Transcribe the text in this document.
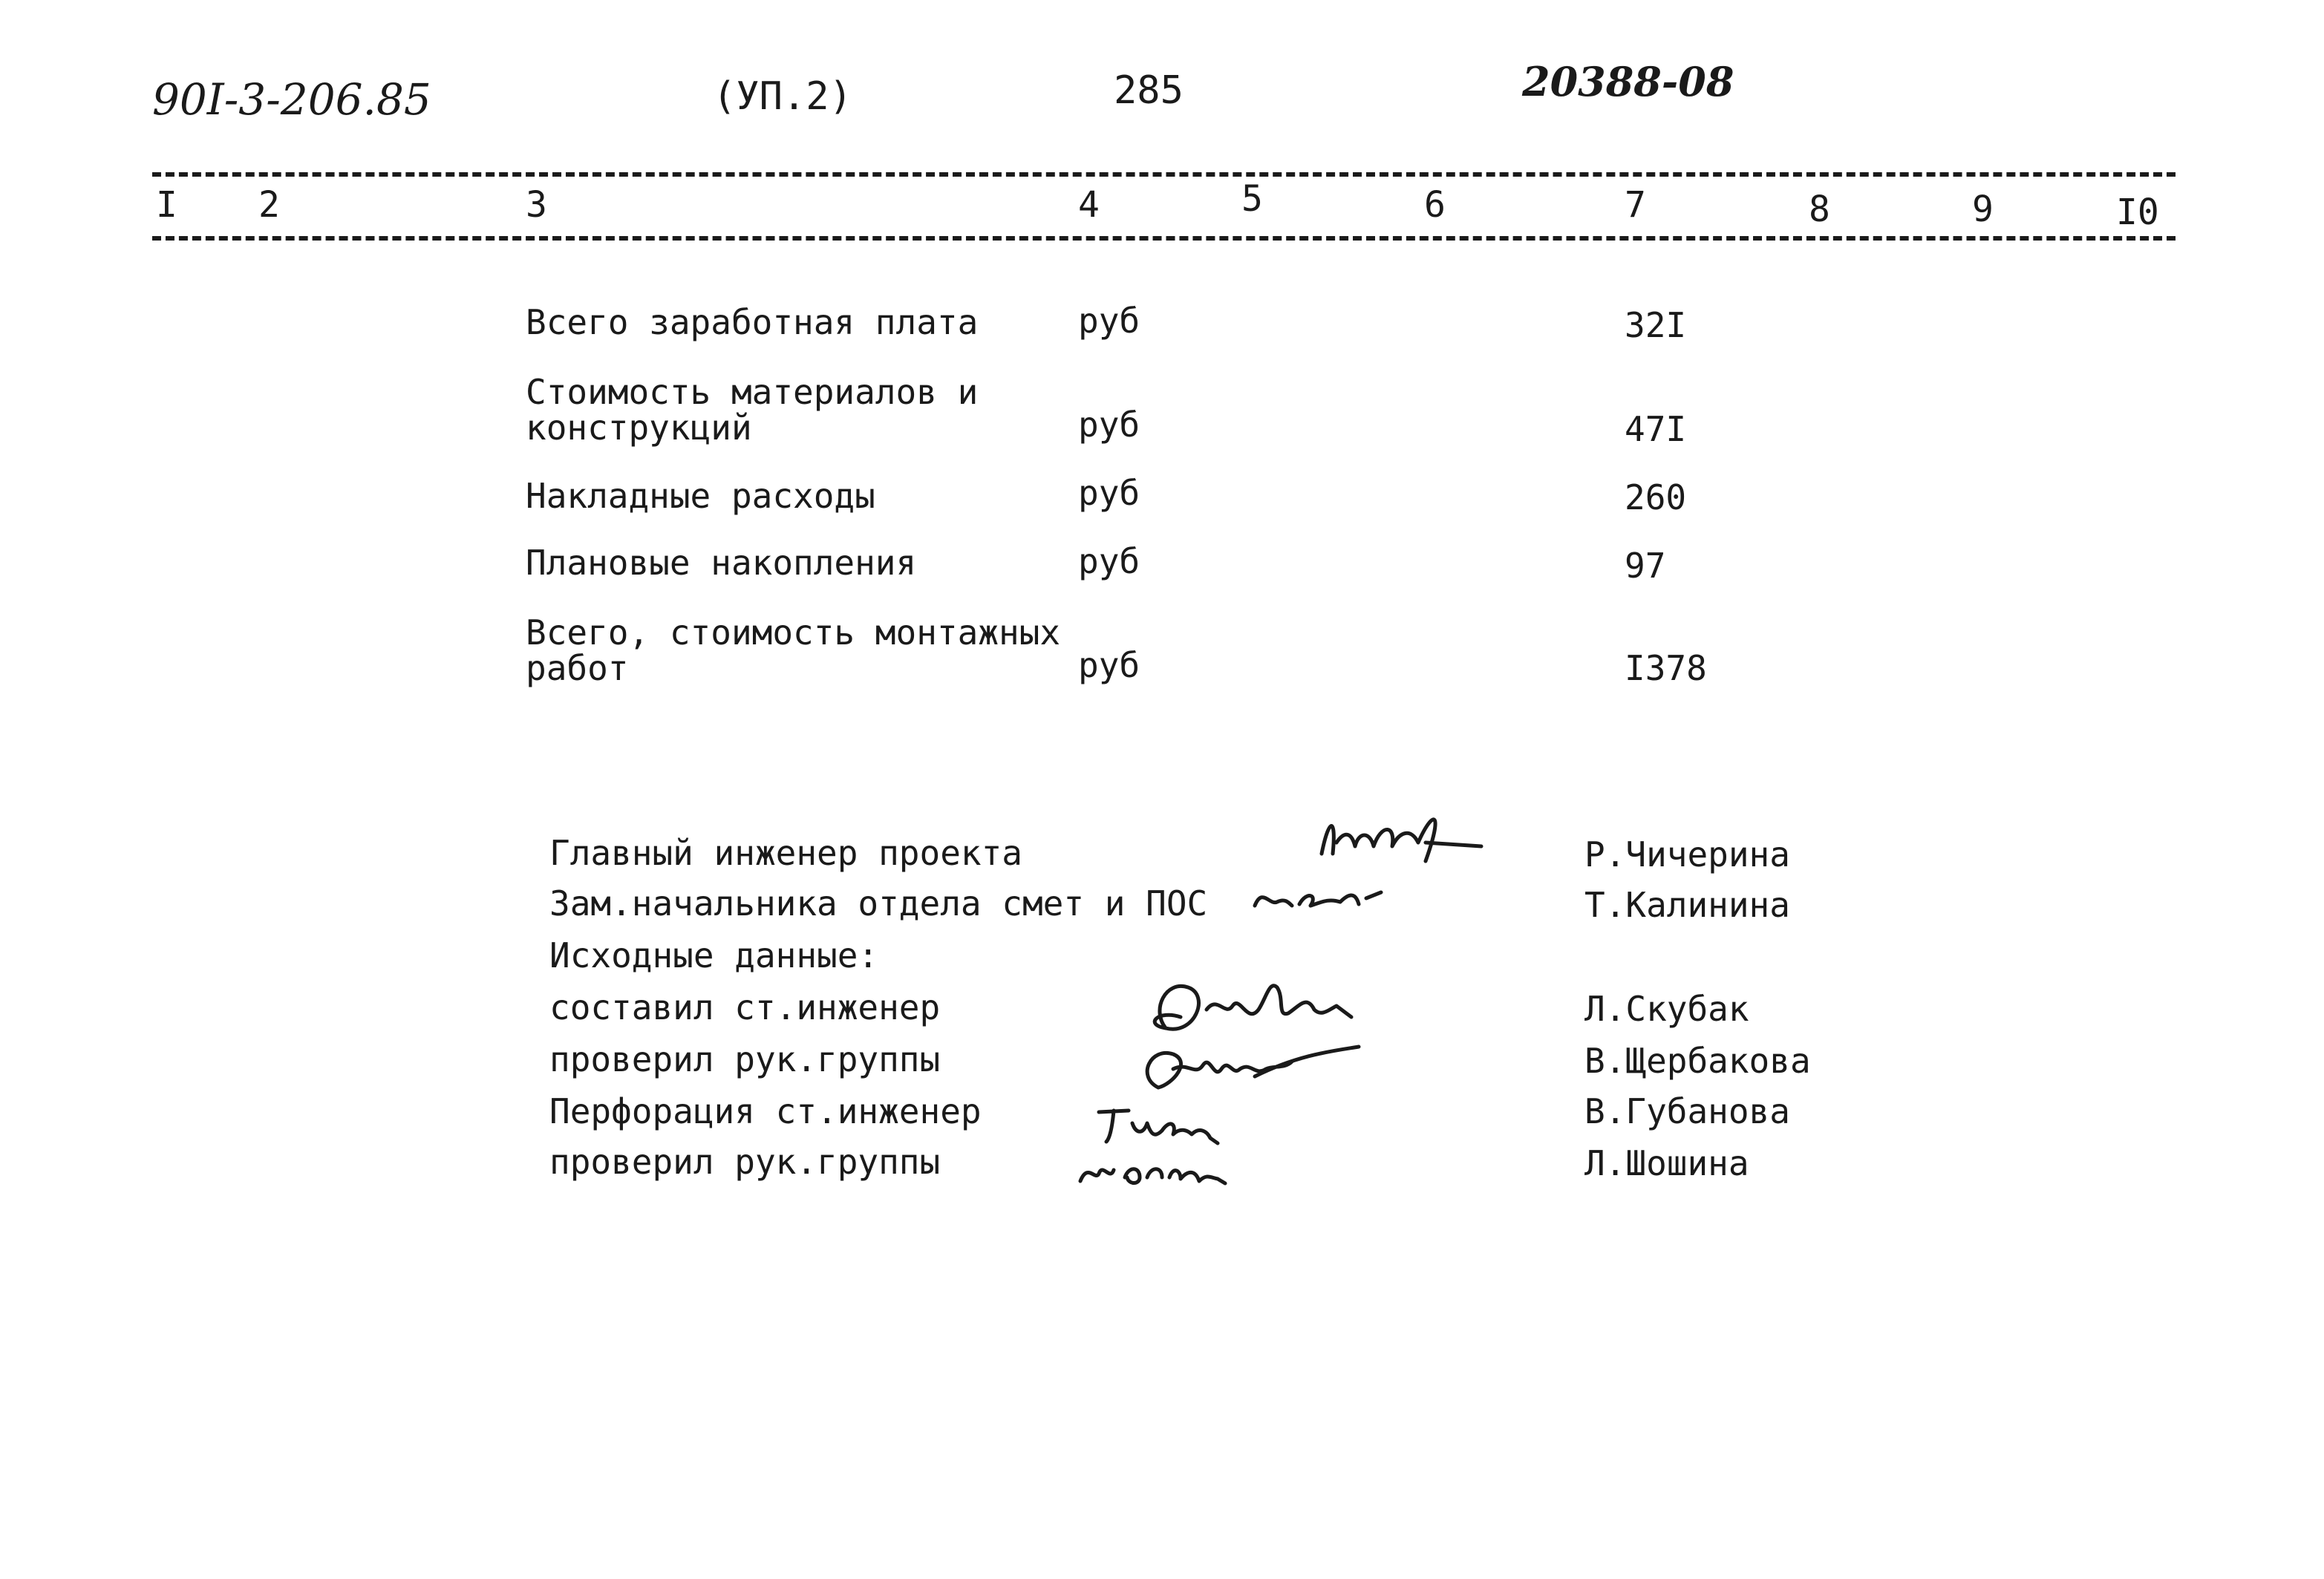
90I-3-206.85	(УП.2)	285	20388-08
I 2	3	4	5	6	7	8	9	I0
Всего заработная плата	руб	32I
Стоимость материалов и
конструкций	руб	47I
Накладные расходы	руб	260
Плановые накопления	руб	97
Всего, стоимость монтажных
работ	руб	I378
Главный инженер проекта	Р.Чичерина
Зам.начальника отдела смет и ПОС	Т.Калинина
Исходные данные:
составил ст.инженер	Л.Скубак
проверил рук.группы	В.Щербакова
Перфорация ст.инженер	В.Губанова
проверил рук.группы	Л.Шошина
